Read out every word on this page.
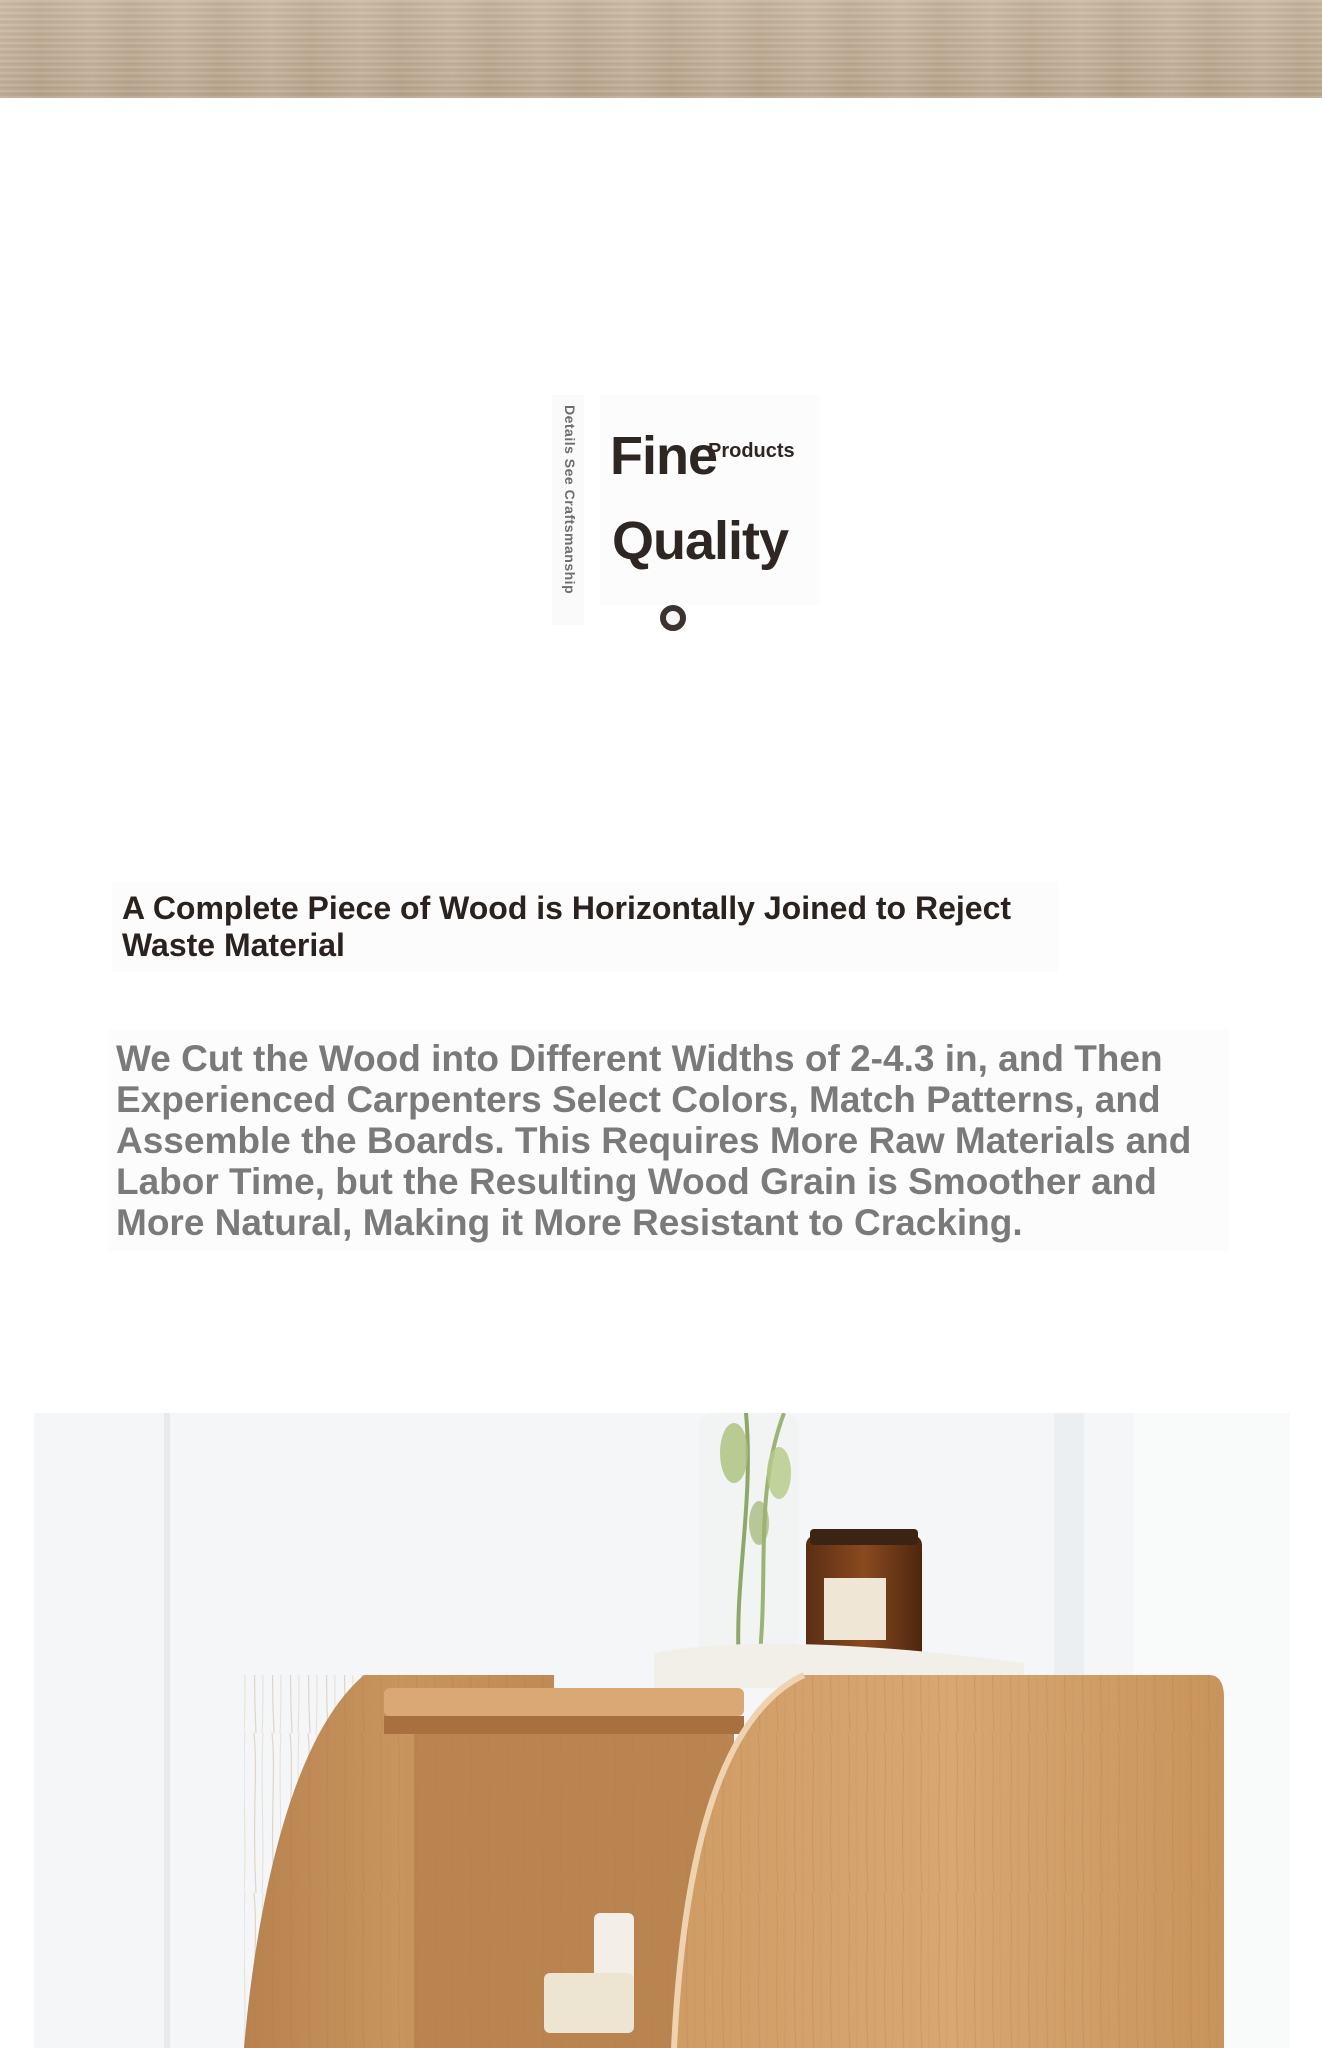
Details See Craftsmanship Fine
Products
Quality
A Complete Piece of Wood is Horizontally Joined to Reject Waste Material

We Cut the Wood into Different Widths of 2-4.3 in, and Then Experienced Carpenters Select Colors, Match Patterns, and Assemble the Boards. This Requires More Raw Materials and Labor Time, but the Resulting Wood Grain is Smoother and More Natural, Making it More Resistant to Cracking.
